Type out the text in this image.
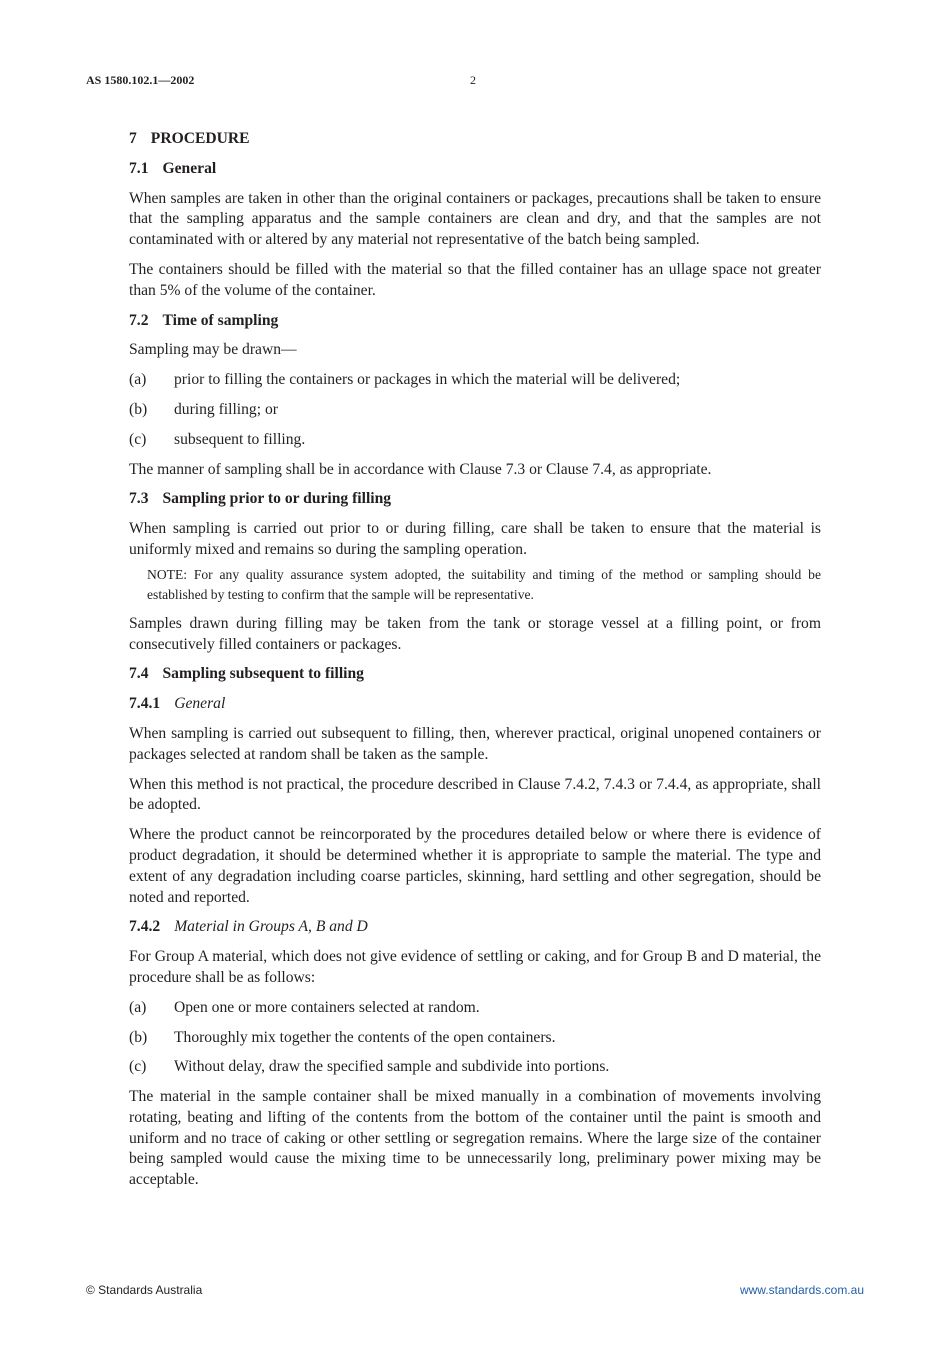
AS 1580.102.1—2002	2

7 PROCEDURE

7.1 General

When samples are taken in other than the original containers or packages, precautions shall be taken to ensure that the sampling apparatus and the sample containers are clean and dry, and that the samples are not contaminated with or altered by any material not representative of the batch being sampled.

The containers should be filled with the material so that the filled container has an ullage space not greater than 5% of the volume of the container.

7.2 Time of sampling

Sampling may be drawn—

(a)	prior to filling the containers or packages in which the material will be delivered;

(b)	during filling; or

(c)	subsequent to filling.

The manner of sampling shall be in accordance with Clause 7.3 or Clause 7.4, as appropriate.

7.3 Sampling prior to or during filling

When sampling is carried out prior to or during filling, care shall be taken to ensure that the material is uniformly mixed and remains so during the sampling operation.

NOTE: For any quality assurance system adopted, the suitability and timing of the method or sampling should be established by testing to confirm that the sample will be representative.

Samples drawn during filling may be taken from the tank or storage vessel at a filling point, or from consecutively filled containers or packages.

7.4 Sampling subsequent to filling

7.4.1 General

When sampling is carried out subsequent to filling, then, wherever practical, original unopened containers or packages selected at random shall be taken as the sample.

When this method is not practical, the procedure described in Clause 7.4.2, 7.4.3 or 7.4.4, as appropriate, shall be adopted.

Where the product cannot be reincorporated by the procedures detailed below or where there is evidence of product degradation, it should be determined whether it is appropriate to sample the material. The type and extent of any degradation including coarse particles, skinning, hard settling and other segregation, should be noted and reported.

7.4.2 Material in Groups A, B and D

For Group A material, which does not give evidence of settling or caking, and for Group B and D material, the procedure shall be as follows:

(a)	Open one or more containers selected at random.

(b)	Thoroughly mix together the contents of the open containers.

(c)	Without delay, draw the specified sample and subdivide into portions.

The material in the sample container shall be mixed manually in a combination of movements involving rotating, beating and lifting of the contents from the bottom of the container until the paint is smooth and uniform and no trace of caking or other settling or segregation remains. Where the large size of the container being sampled would cause the mixing time to be unnecessarily long, preliminary power mixing may be acceptable.

© Standards Australia	www.standards.com.au
